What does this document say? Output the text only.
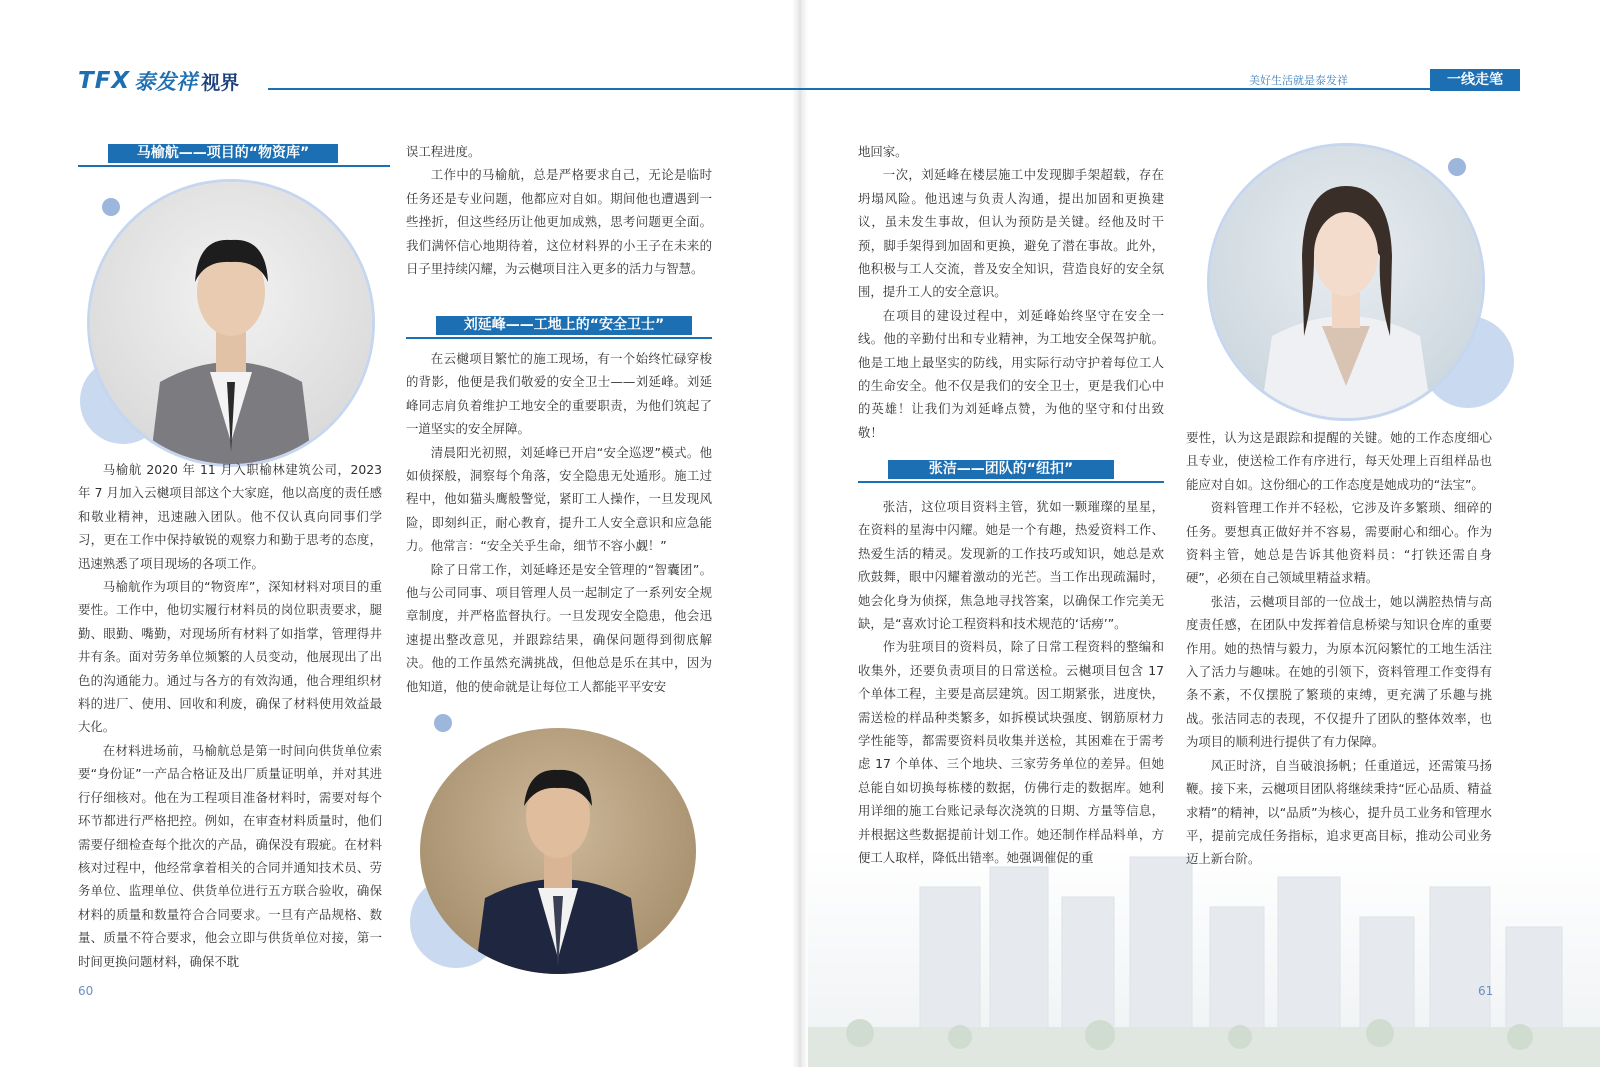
马榆航——项目的“物资库”

马榆航 2020 年 11 月入职榆林建筑公司，2023 年 7 月加入云樾项目部这个大家庭，他以高度的责任感和敬业精神，迅速融入团队。他不仅认真向同事们学习，更在工作中保持敏锐的观察力和勤于思考的态度，迅速熟悉了项目现场的各项工作。

马榆航作为项目的“物资库”，深知材料对项目的重要性。工作中，他切实履行材料员的岗位职责要求，腿勤、眼勤、嘴勤，对现场所有材料了如指掌，管理得井井有条。面对劳务单位频繁的人员变动，他展现出了出色的沟通能力。通过与各方的有效沟通，他合理组织材料的进厂、使用、回收和利废，确保了材料使用效益最大化。

在材料进场前，马榆航总是第一时间向供货单位索要“身份证”一产品合格证及出厂质量证明单，并对其进行仔细核对。他在为工程项目准备材料时，需要对每个环节都进行严格把控。例如，在审查材料质量时，他们需要仔细检查每个批次的产品，确保没有瑕疵。在材料核对过程中，他经常拿着相关的合同并通知技术员、劳务单位、监理单位、供货单位进行五方联合验收，确保材料的质量和数量符合合同要求。一旦有产品规格、数量、质量不符合要求，他会立即与供货单位对接，第一时间更换问题材料，确保不耽

误工程进度。

工作中的马榆航，总是严格要求自己，无论是临时任务还是专业问题，他都应对自如。期间他也遭遇到一些挫折，但这些经历让他更加成熟，思考问题更全面。我们满怀信心地期待着，这位材料界的小王子在未来的日子里持续闪耀，为云樾项目注入更多的活力与智慧。

刘延峰——工地上的“安全卫士”

在云樾项目繁忙的施工现场，有一个始终忙碌穿梭的背影，他便是我们敬爱的安全卫士——刘延峰。刘延峰同志肩负着维护工地安全的重要职责，为他们筑起了一道坚实的安全屏障。

清晨阳光初照，刘延峰已开启“安全巡逻”模式。他如侦探般，洞察每个角落，安全隐患无处遁形。施工过程中，他如猫头鹰般警觉，紧盯工人操作，一旦发现风险，即刻纠正，耐心教育，提升工人安全意识和应急能力。他常言：“安全关乎生命，细节不容小觑！”

除了日常工作，刘延峰还是安全管理的“智囊团”。他与公司同事、项目管理人员一起制定了一系列安全规章制度，并严格监督执行。一旦发现安全隐患，他会迅速提出整改意见，并跟踪结果，确保问题得到彻底解决。他的工作虽然充满挑战，但他总是乐在其中，因为他知道，他的使命就是让每位工人都能平平安安

60

地回家。

一次，刘延峰在楼层施工中发现脚手架超载，存在坍塌风险。他迅速与负责人沟通，提出加固和更换建议，虽未发生事故，但认为预防是关键。经他及时干预，脚手架得到加固和更换，避免了潜在事故。此外，他积极与工人交流，普及安全知识，营造良好的安全氛围，提升工人的安全意识。

在项目的建设过程中，刘延峰始终坚守在安全一线。他的辛勤付出和专业精神，为工地安全保驾护航。他是工地上最坚实的防线，用实际行动守护着每位工人的生命安全。他不仅是我们的安全卫士，更是我们心中的英雄！让我们为刘延峰点赞，为他的坚守和付出致敬！

张洁——团队的“纽扣”

张洁，这位项目资料主管，犹如一颗璀璨的星星，在资料的星海中闪耀。她是一个有趣，热爱资料工作、热爱生活的精灵。发现新的工作技巧或知识，她总是欢欣鼓舞，眼中闪耀着激动的光芒。当工作出现疏漏时，她会化身为侦探，焦急地寻找答案，以确保工作完美无缺，是“喜欢讨论工程资料和技术规范的‘话痨’”。

作为驻项目的资料员，除了日常工程资料的整编和收集外，还要负责项目的日常送检。云樾项目包含 17 个单体工程，主要是高层建筑。因工期紧张，进度快，需送检的样品种类繁多，如拆模试块强度、钢筋原材力学性能等，都需要资料员收集并送检，其困难在于需考虑 17 个单体、三个地块、三家劳务单位的差异。但她总能自如切换每栋楼的数据，仿佛行走的数据库。她利用详细的施工台账记录每次浇筑的日期、方量等信息，并根据这些数据提前计划工作。她还制作样品料单，方便工人取样，降低出错率。她强调催促的重

要性，认为这是跟踪和提醒的关键。她的工作态度细心且专业，使送检工作有序进行，每天处理上百组样品也能应对自如。这份细心的工作态度是她成功的“法宝”。

资料管理工作并不轻松，它涉及许多繁琐、细碎的任务。要想真正做好并不容易，需要耐心和细心。作为资料主管，她总是告诉其他资料员：“打铁还需自身硬”，必须在自己领域里精益求精。

张洁，云樾项目部的一位战士，她以满腔热情与高度责任感，在团队中发挥着信息桥梁与知识仓库的重要作用。她的热情与毅力，为原本沉闷繁忙的工地生活注入了活力与趣味。在她的引领下，资料管理工作变得有条不紊，不仅摆脱了繁琐的束缚，更充满了乐趣与挑战。张洁同志的表现，不仅提升了团队的整体效率，也为项目的顺利进行提供了有力保障。

风正时济，自当破浪扬帆；任重道远，还需策马扬鞭。接下来，云樾项目团队将继续秉持“匠心品质、精益求精”的精神，以“品质”为核心，提升员工业务和管理水平，提前完成任务指标，追求更高目标，推动公司业务迈上新台阶。

61
TFX 泰发祥 视界	美好生活就是泰发祥	一线走笔
